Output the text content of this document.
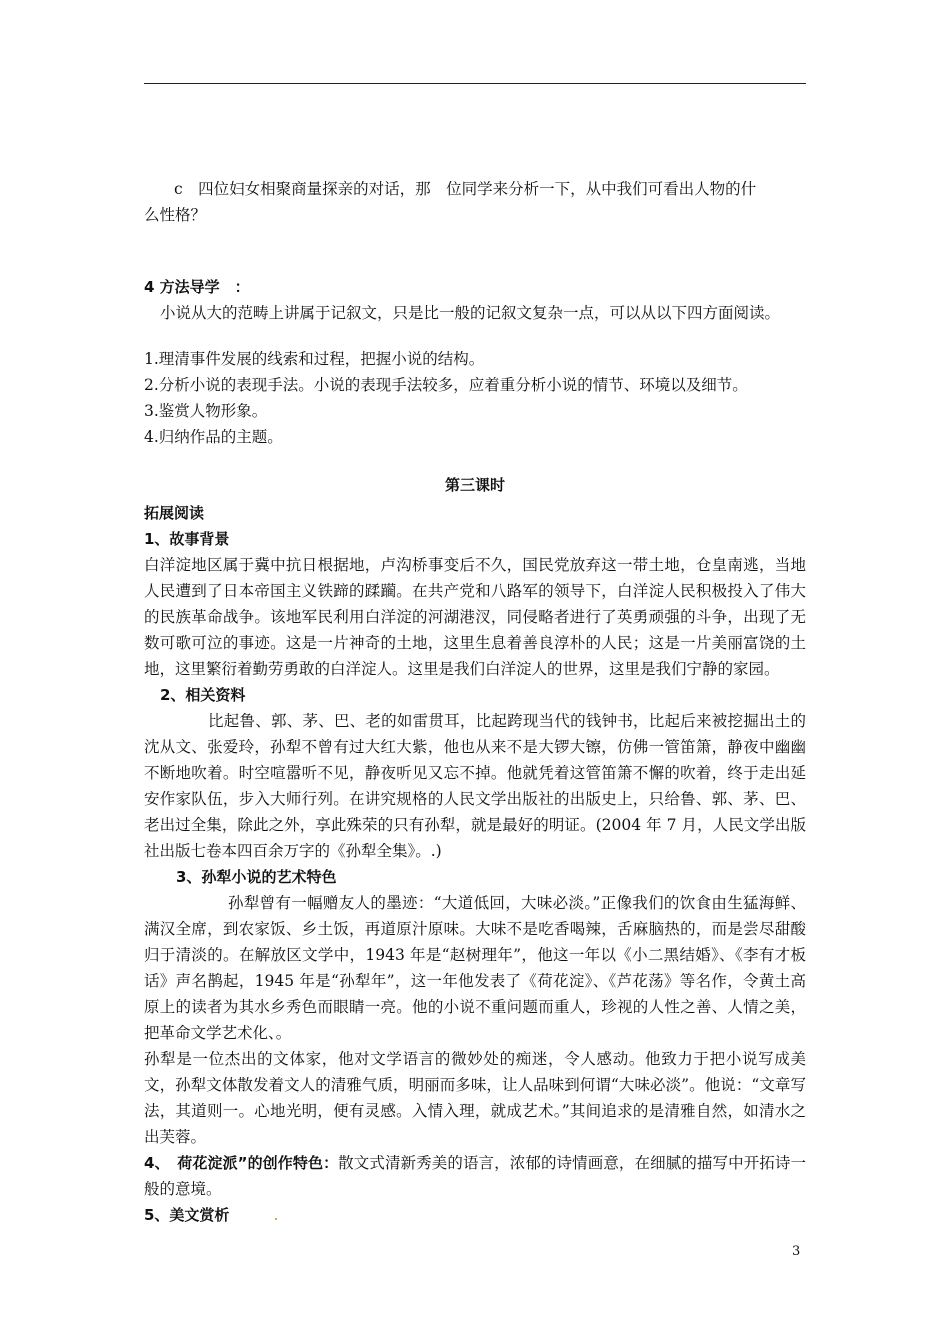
c　四位妇女相聚商量探亲的对话，那　位同学来分析一下，从中我们可看出人物的什

么性格？

4 方法导学　：

小说从大的范畴上讲属于记叙文，只是比一般的记叙文复杂一点，可以从以下四方面阅读。

1.理清事件发展的线索和过程，把握小说的结构。

2.分析小说的表现手法。小说的表现手法较多，应着重分析小说的情节、环境以及细节。

3.鉴赏人物形象。

4.归纳作品的主题。

第三课时
拓展阅读
1、故事背景

白洋淀地区属于冀中抗日根据地，卢沟桥事变后不久，国民党放弃这一带土地，仓皇南逃，当地人民遭到了日本帝国主义铁蹄的蹂躏。在共产党和八路军的领导下，白洋淀人民积极投入了伟大的民族革命战争。该地军民利用白洋淀的河湖港汊，同侵略者进行了英勇顽强的斗争，出现了无数可歌可泣的事迹。这是一片神奇的土地，这里生息着善良淳朴的人民；这是一片美丽富饶的土地，这里繁衍着勤劳勇敢的白洋淀人。这里是我们白洋淀人的世界，这里是我们宁静的家园。

2、相关资料

比起鲁、郭、茅、巴、老的如雷贯耳，比起跨现当代的钱钟书，比起后来被挖掘出土的沈从文、张爱玲，孙犁不曾有过大红大紫，他也从来不是大锣大镲，仿佛一管笛箫，静夜中幽幽不断地吹着。时空喧嚣听不见，静夜听见又忘不掉。他就凭着这管笛箫不懈的吹着，终于走出延安作家队伍，步入大师行列。在讲究规格的人民文学出版社的出版史上，只给鲁、郭、茅、巴、老出过全集，除此之外，享此殊荣的只有孙犁，就是最好的明证。(2004 年 7 月，人民文学出版社出版七卷本四百余万字的《孙犁全集》。.)

3、孙犁小说的艺术特色

孙犁曾有一幅赠友人的墨迹：“大道低回，大味必淡。”正像我们的饮食由生猛海鲜、满汉全席，到农家饭、乡土饭，再道原汁原味。大味不是吃香喝辣，舌麻脑热的，而是尝尽甜酸归于清淡的。在解放区文学中，1943 年是“赵树理年”，他这一年以《小二黑结婚》、《李有才板话》声名鹊起，1945 年是“孙犁年”，这一年他发表了《荷花淀》、《芦花荡》等名作，令黄土高原上的读者为其水乡秀色而眼睛一亮。他的小说不重问题而重人，珍视的人性之善、人情之美，把革命文学艺术化、。

孙犁是一位杰出的文体家，他对文学语言的微妙处的痴迷，令人感动。他致力于把小说写成美文，孙犁文体散发着文人的清雅气质，明丽而多味，让人品味到何谓“大味必淡”。他说：“文章写法，其道则一。心地光明，便有灵感。入情入理，就成艺术。”其间追求的是清雅自然，如清水之出芙蓉。

4、　荷花淀派”的创作特色：散文式清新秀美的语言，浓郁的诗情画意，在细腻的描写中开拓诗一般的意境。

5、美文赏析	.
3
